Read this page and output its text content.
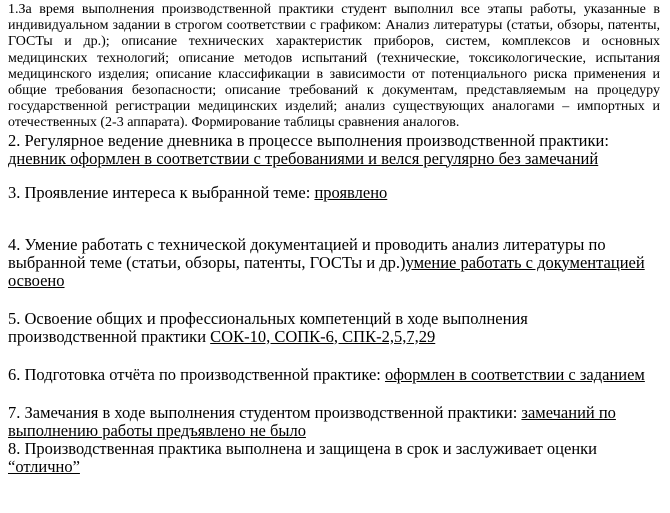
1.За время выполнения производственной практики студент выполнил все этапы работы, указанные в индивидуальном задании в строгом соответствии с графиком: Анализ литературы (статьи, обзоры, патенты, ГОСТы и др.); описание технических характеристик приборов, систем, комплексов и основных медицинских технологий; описание методов испытаний (технические, токсикологические, испытания медицинского изделия; описание классификации в зависимости от потенциального риска применения и общие требования безопасности; описание требований к документам, представляемым на процедуру государственной регистрации медицинских изделий; анализ существующих аналогами – импортных и отечественных (2-3 аппарата). Формирование таблицы сравнения аналогов.

2. Регулярное ведение дневника в процессе выполнения производственной практики:
дневник оформлен в соответствии с требованиями и велся регулярно без замечаний

3. Проявление интереса к выбранной теме: проявлено

4. Умение работать с технической документацией и проводить анализ литературы по выбранной теме (статьи, обзоры, патенты, ГОСТы и др.)умение работать с документацией освоено

5. Освоение общих и профессиональных компетенций в ходе выполнения производственной практики СОК-10, СОПК-6, СПК-2,5,7,29

6. Подготовка отчёта по производственной практике: оформлен в соответствии с заданием

7. Замечания в ходе выполнения студентом производственной практики: замечаний по выполнению работы предъявлено не было

8. Производственная практика выполнена и защищена в срок и заслуживает оценки “отлично”
